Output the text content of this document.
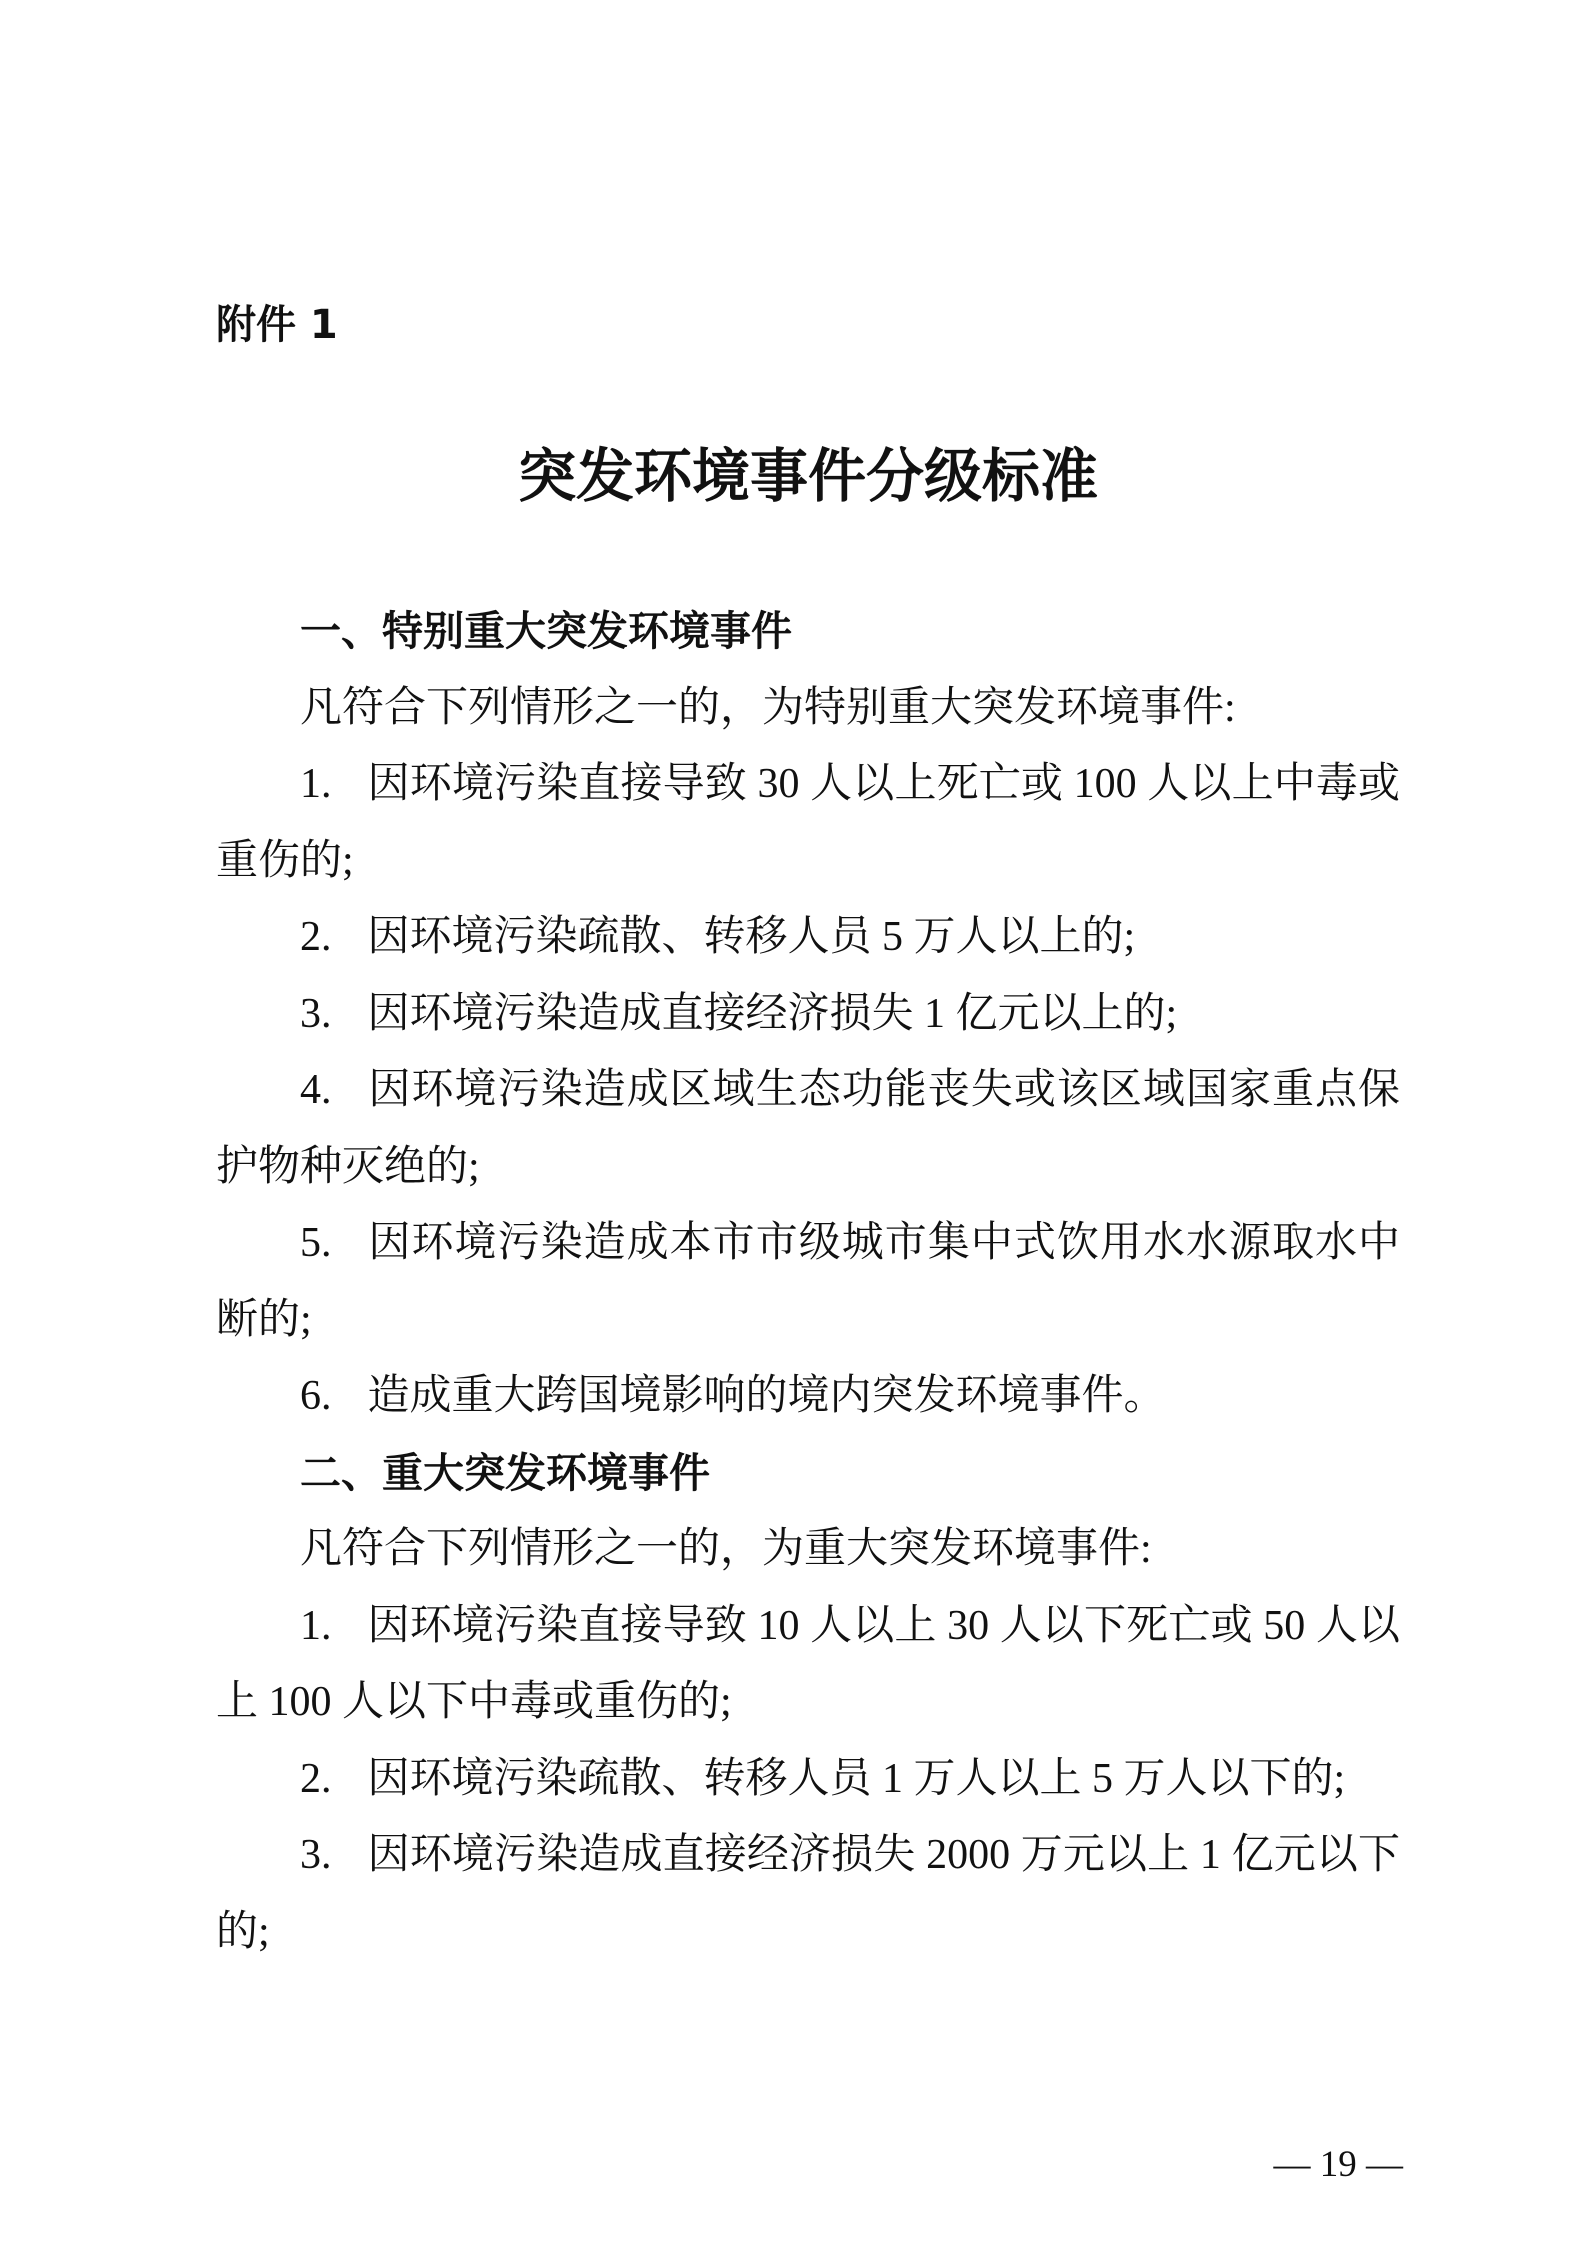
附件 1
突发环境事件分级标准
一、特别重大突发环境事件
凡符合下列情形之一的，为特别重大突发环境事件:
1. 因环境污染直接导致 30 人以上死亡或 100 人以上中毒或
重伤的;
2. 因环境污染疏散、转移人员 5 万人以上的;
3. 因环境污染造成直接经济损失 1 亿元以上的;
4. 因环境污染造成区域生态功能丧失或该区域国家重点保
护物种灭绝的;
5. 因环境污染造成本市市级城市集中式饮用水水源取水中
断的;
6. 造成重大跨国境影响的境内突发环境事件。
二、重大突发环境事件
凡符合下列情形之一的，为重大突发环境事件:
1. 因环境污染直接导致 10 人以上 30 人以下死亡或 50 人以
上 100 人以下中毒或重伤的;
2. 因环境污染疏散、转移人员 1 万人以上 5 万人以下的;
3. 因环境污染造成直接经济损失 2000 万元以上 1 亿元以下
的;
— 19 —
